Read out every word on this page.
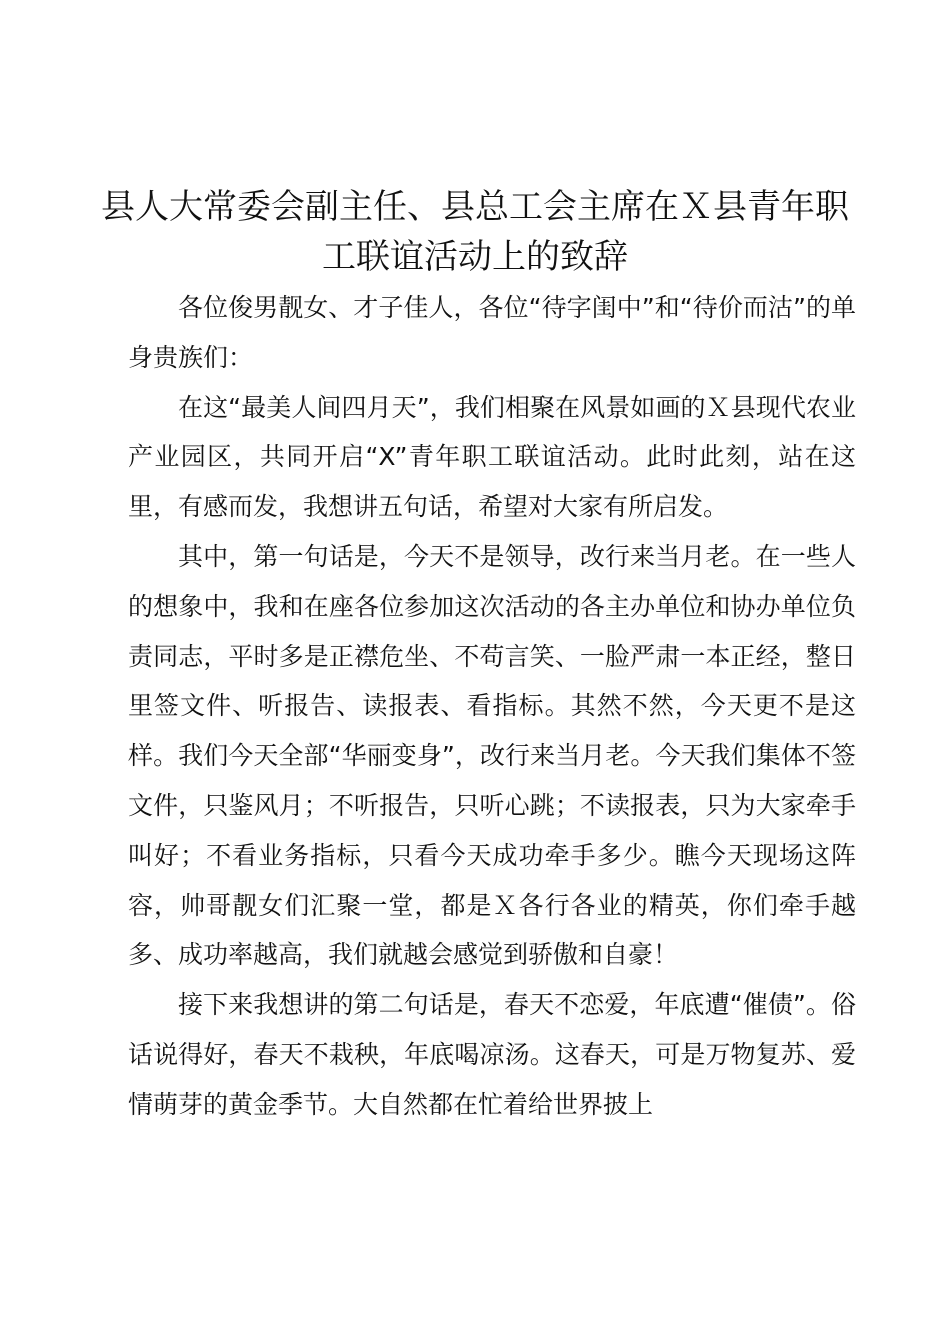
县人大常委会副主任、县总工会主席在Ｘ县青年职工联谊活动上的致辞

各位俊男靓女、才子佳人，各位“待字闺中”和“待价而沽”的单身贵族们：

在这“最美人间四月天”，我们相聚在风景如画的Ｘ县现代农业产业园区，共同开启“X”青年职工联谊活动。此时此刻，站在这里，有感而发，我想讲五句话，希望对大家有所启发。

其中，第一句话是，今天不是领导，改行来当月老。在一些人的想象中，我和在座各位参加这次活动的各主办单位和协办单位负责同志，平时多是正襟危坐、不苟言笑、一脸严肃一本正经，整日里签文件、听报告、读报表、看指标。其然不然，今天更不是这样。我们今天全部“华丽变身”，改行来当月老。今天我们集体不签文件，只鉴风月；不听报告，只听心跳；不读报表，只为大家牵手叫好；不看业务指标，只看今天成功牵手多少。瞧今天现场这阵容，帅哥靓女们汇聚一堂，都是Ｘ各行各业的精英，你们牵手越多、成功率越高，我们就越会感觉到骄傲和自豪！

接下来我想讲的第二句话是，春天不恋爱，年底遭“催债”。俗话说得好，春天不栽秧，年底喝凉汤。这春天，可是万物复苏、爱情萌芽的黄金季节。大自然都在忙着给世界披上
